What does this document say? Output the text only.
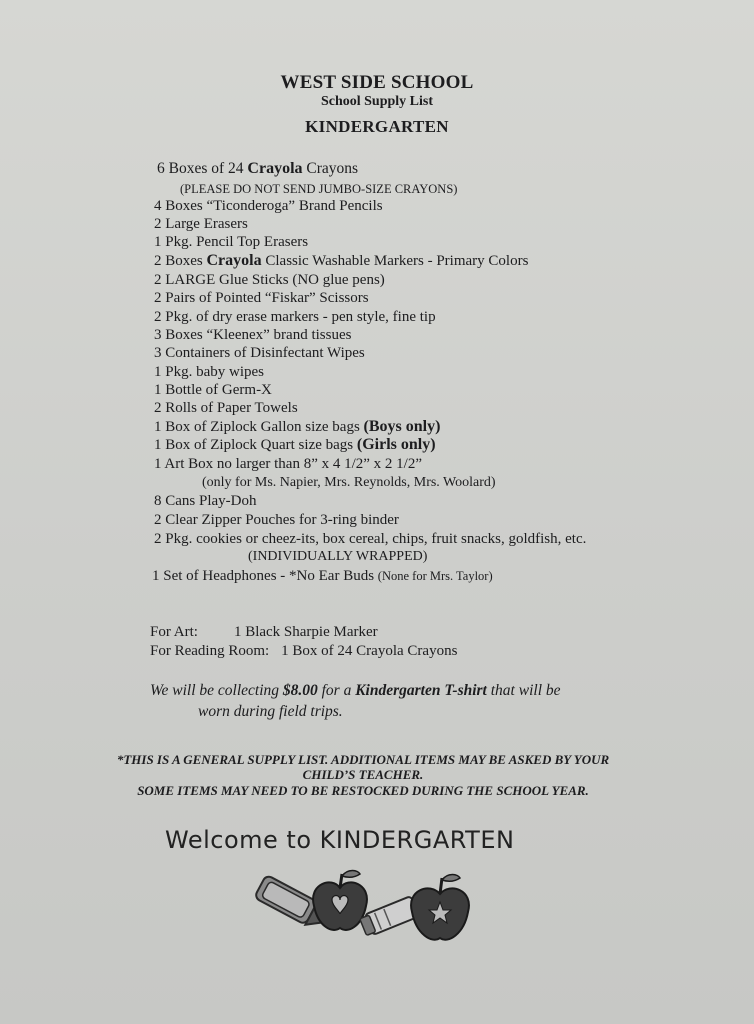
WEST SIDE SCHOOL
School Supply List
KINDERGARTEN
6 Boxes of 24 Crayola Crayons
(PLEASE DO NOT SEND JUMBO-SIZE CRAYONS)
4 Boxes “Ticonderoga” Brand Pencils
2 Large Erasers
1 Pkg. Pencil Top Erasers
2 Boxes Crayola Classic Washable Markers - Primary Colors
2 LARGE Glue Sticks (NO glue pens)
2 Pairs of Pointed “Fiskar” Scissors
2 Pkg. of dry erase markers - pen style, fine tip
3 Boxes “Kleenex” brand tissues
3 Containers of Disinfectant Wipes
1 Pkg. baby wipes
1 Bottle of Germ-X
2 Rolls of Paper Towels
1 Box of Ziplock Gallon size bags (Boys only)
1 Box of Ziplock Quart size bags (Girls only)
1 Art Box no larger than 8” x 4 1/2” x 2 1/2”
(only for Ms. Napier, Mrs. Reynolds, Mrs. Woolard)
8 Cans Play-Doh
2 Clear Zipper Pouches for 3-ring binder
2 Pkg. cookies or cheez-its, box cereal, chips, fruit snacks, goldfish, etc.
(INDIVIDUALLY WRAPPED)
1 Set of Headphones - *No Ear Buds (None for Mrs. Taylor)
For Art: 1 Black Sharpie Marker
For Reading Room: 1 Box of 24 Crayola Crayons
We will be collecting $8.00 for a Kindergarten T-shirt that will be
worn during field trips.
*THIS IS A GENERAL SUPPLY LIST. ADDITIONAL ITEMS MAY BE ASKED BY YOUR
CHILD’S TEACHER.
SOME ITEMS MAY NEED TO BE RESTOCKED DURING THE SCHOOL YEAR.
Welcome to KINDERGARTEN
